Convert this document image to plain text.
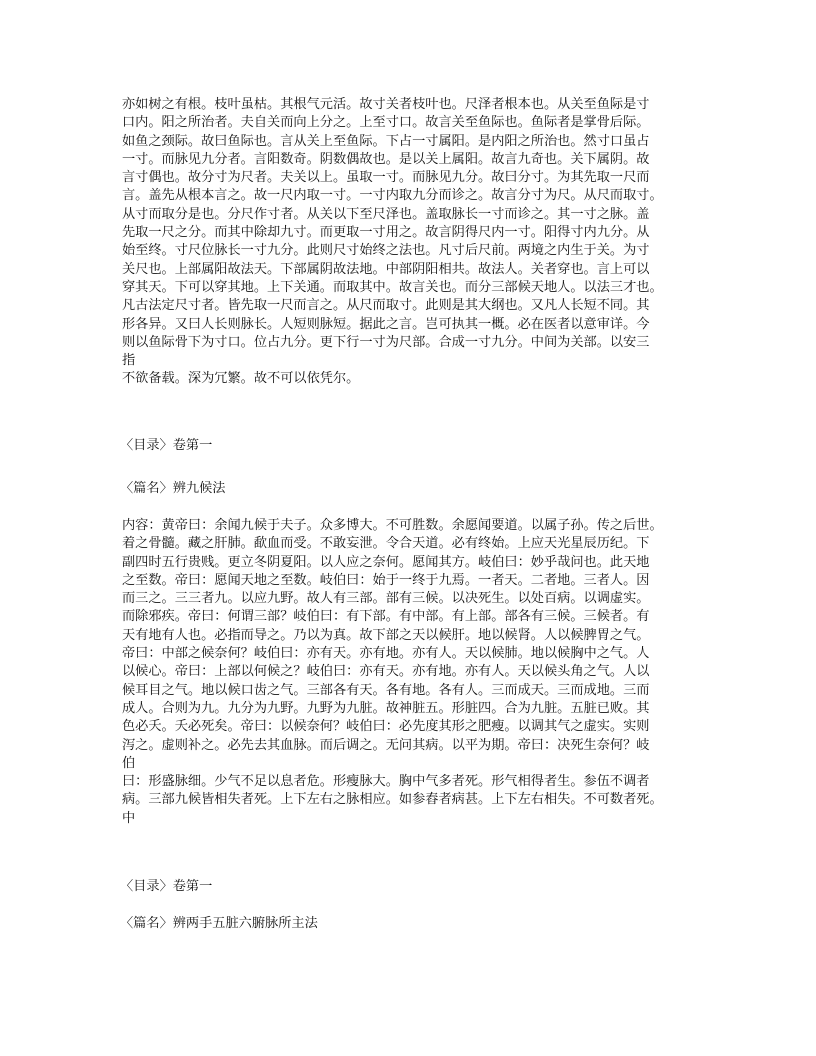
亦如树之有根。枝叶虽枯。其根气元活。故寸关者枝叶也。尺泽者根本也。从关至鱼际是寸
口内。阳之所治者。夫自关而向上分之。上至寸口。故言关至鱼际也。鱼际者是掌骨后际。
如鱼之颈际。故曰鱼际也。言从关上至鱼际。下占一寸属阳。是内阳之所治也。然寸口虽占
一寸。而脉见九分者。言阳数奇。阴数偶故也。是以关上属阳。故言九奇也。关下属阴。故
言寸偶也。故分寸为尺者。夫关以上。虽取一寸。而脉见九分。故曰分寸。为其先取一尺而
言。盖先从根本言之。故一尺内取一寸。一寸内取九分而诊之。故言分寸为尺。从尺而取寸。
从寸而取分是也。分尺作寸者。从关以下至尺泽也。盖取脉长一寸而诊之。其一寸之脉。盖
先取一尺之分。而其中除却九寸。而更取一寸用之。故言阴得尺内一寸。阳得寸内九分。从
始至终。寸尺位脉长一寸九分。此则尺寸始终之法也。凡寸后尺前。两境之内生于关。为寸
关尺也。上部属阳故法天。下部属阴故法地。中部阴阳相共。故法人。关者穿也。言上可以
穿其天。下可以穿其地。上下关通。而取其中。故言关也。而分三部候天地人。以法三才也。
凡古法定尺寸者。皆先取一尺而言之。从尺而取寸。此则是其大纲也。又凡人长短不同。其
形各异。又曰人长则脉长。人短则脉短。据此之言。岂可执其一概。必在医者以意审详。今
则以鱼际骨下为寸口。位占九分。更下行一寸为尺部。合成一寸九分。中间为关部。以安三
指
不欲备载。深为冗繁。故不可以依凭尔。

〈目录〉卷第一

〈篇名〉辨九候法

内容：黄帝曰：余闻九候于夫子。众多博大。不可胜数。余愿闻要道。以属子孙。传之后世。
着之骨髓。藏之肝肺。歃血而受。不敢妄泄。令合天道。必有终始。上应天光星辰历纪。下
副四时五行贵贱。更立冬阴夏阳。以人应之奈何。愿闻其方。岐伯曰：妙乎哉问也。此天地
之至数。帝曰：愿闻天地之至数。岐伯曰：始于一终于九焉。一者天。二者地。三者人。因
而三之。三三者九。以应九野。故人有三部。部有三候。以决死生。以处百病。以调虚实。
而除邪疾。帝曰：何谓三部？岐伯曰：有下部。有中部。有上部。部各有三候。三候者。有
天有地有人也。必指而导之。乃以为真。故下部之天以候肝。地以候肾。人以候脾胃之气。
帝曰：中部之候奈何？岐伯曰：亦有天。亦有地。亦有人。天以候肺。地以候胸中之气。人
以候心。帝曰：上部以何候之？岐伯曰：亦有天。亦有地。亦有人。天以候头角之气。人以
候耳目之气。地以候口齿之气。三部各有天。各有地。各有人。三而成天。三而成地。三而
成人。合则为九。九分为九野。九野为九脏。故神脏五。形脏四。合为九脏。五脏已败。其
色必夭。夭必死矣。帝曰：以候奈何？岐伯曰：必先度其形之肥瘦。以调其气之虚实。实则
泻之。虚则补之。必先去其血脉。而后调之。无问其病。以平为期。帝曰：决死生奈何？岐
伯
曰：形盛脉细。少气不足以息者危。形瘦脉大。胸中气多者死。形气相得者生。参伍不调者
病。三部九候皆相失者死。上下左右之脉相应。如参舂者病甚。上下左右相失。不可数者死。
中

〈目录〉卷第一

〈篇名〉辨两手五脏六腑脉所主法
